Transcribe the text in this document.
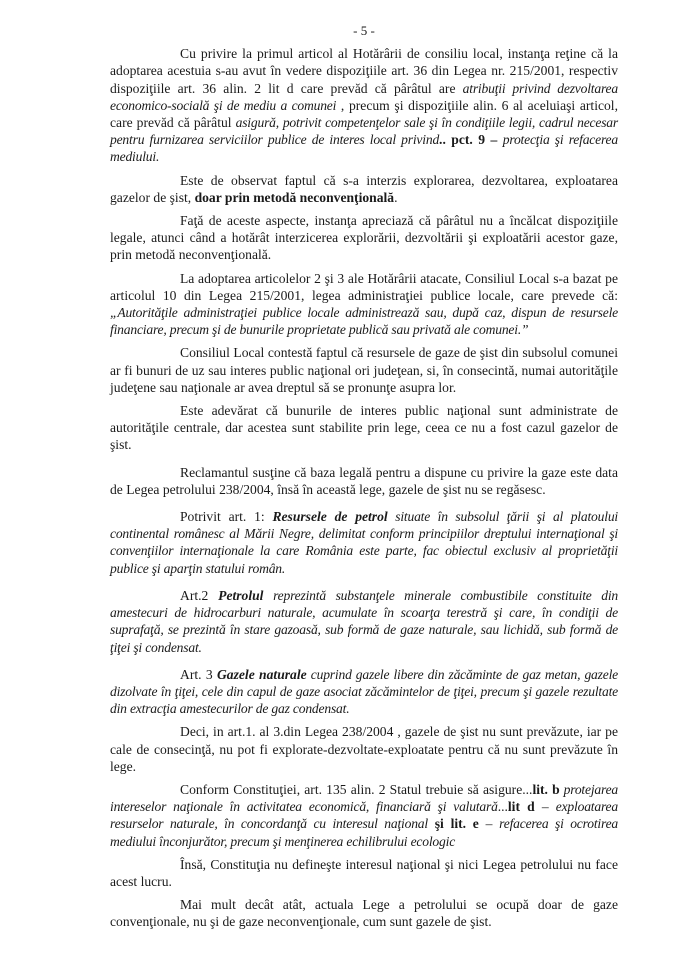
- 5 -

Cu privire la primul articol al Hotărârii de consiliu local, instanţa reţine că la adoptarea acestuia s-au avut în vedere dispoziţiile art. 36 din Legea nr. 215/2001, respectiv dispoziţiile art. 36 alin. 2 lit d care prevăd că pârâtul are atribuţii privind dezvoltarea economico-socială şi de mediu a comunei , precum şi dispoziţiile alin. 6 al aceluiaşi articol, care prevăd că pârâtul asigură, potrivit competenţelor sale şi în condiţiile legii, cadrul necesar pentru furnizarea serviciilor publice de interes local privind.. pct. 9 – protecţia şi refacerea mediului.

Este de observat faptul că s-a interzis explorarea, dezvoltarea, exploatarea gazelor de şist, doar prin metodă neconvenţională.

Faţă de aceste aspecte, instanţa apreciază că pârâtul nu a încălcat dispoziţiile legale, atunci când a hotărât interzicerea explorării, dezvoltării şi exploatării acestor gaze, prin metodă neconvenţională.

La adoptarea articolelor 2 şi 3 ale Hotărârii atacate, Consiliul Local s-a bazat pe articolul 10 din Legea 215/2001, legea administraţiei publice locale, care prevede că: „Autorităţile administraţiei publice locale administrează sau, după caz, dispun de resursele financiare, precum şi de bunurile proprietate publică sau privată ale comunei.”

Consiliul Local contestă faptul că resursele de gaze de şist din subsolul comunei ar fi bunuri de uz sau interes public naţional ori judeţean, si, în consecintă, numai autorităţile judeţene sau naţionale ar avea dreptul să se pronunţe asupra lor.

Este adevărat că bunurile de interes public naţional sunt administrate de autorităţile centrale, dar acestea sunt stabilite prin lege, ceea ce nu a fost cazul gazelor de şist.

Reclamantul susţine că baza legală pentru a dispune cu privire la gaze este data de Legea petrolului 238/2004, însă în această lege, gazele de şist nu se regăsesc.

Potrivit art. 1: Resursele de petrol situate în subsolul ţării şi al platoului continental românesc al Mării Negre, delimitat conform principiilor dreptului internaţional şi convenţiilor internaţionale la care România este parte, fac obiectul exclusiv al proprietăţii publice şi aparţin statului român.

Art.2 Petrolul reprezintă substanţele minerale combustibile constituite din amestecuri de hidrocarburi naturale, acumulate în scoarţa terestră şi care, în condiţii de suprafaţă, se prezintă în stare gazoasă, sub formă de gaze naturale, sau lichidă, sub formă de ţiţei şi condensat.

Art. 3 Gazele naturale cuprind gazele libere din zăcăminte de gaz metan, gazele dizolvate în ţiţei, cele din capul de gaze asociat zăcămintelor de ţiţei, precum şi gazele rezultate din extracţia amestecurilor de gaz condensat.

Deci, in art.1. al 3.din Legea 238/2004 , gazele de şist nu sunt prevăzute, iar pe cale de consecinţă, nu pot fi explorate-dezvoltate-exploatate pentru că nu sunt prevăzute în lege.

Conform Constituţiei, art. 135 alin. 2 Statul trebuie să asigure...lit. b protejarea intereselor naţionale în activitatea economică, financiară şi valutară...lit d – exploatarea resurselor naturale, în concordanţă cu interesul naţional şi lit. e – refacerea şi ocrotirea mediului înconjurător, precum şi menţinerea echilibrului ecologic

Însă, Constituţia nu defineşte interesul naţional şi nici Legea petrolului nu face acest lucru.

Mai mult decât atât, actuala Lege a petrolului se ocupă doar de gaze convenţionale, nu şi de gaze neconvenţionale, cum sunt gazele de şist.
